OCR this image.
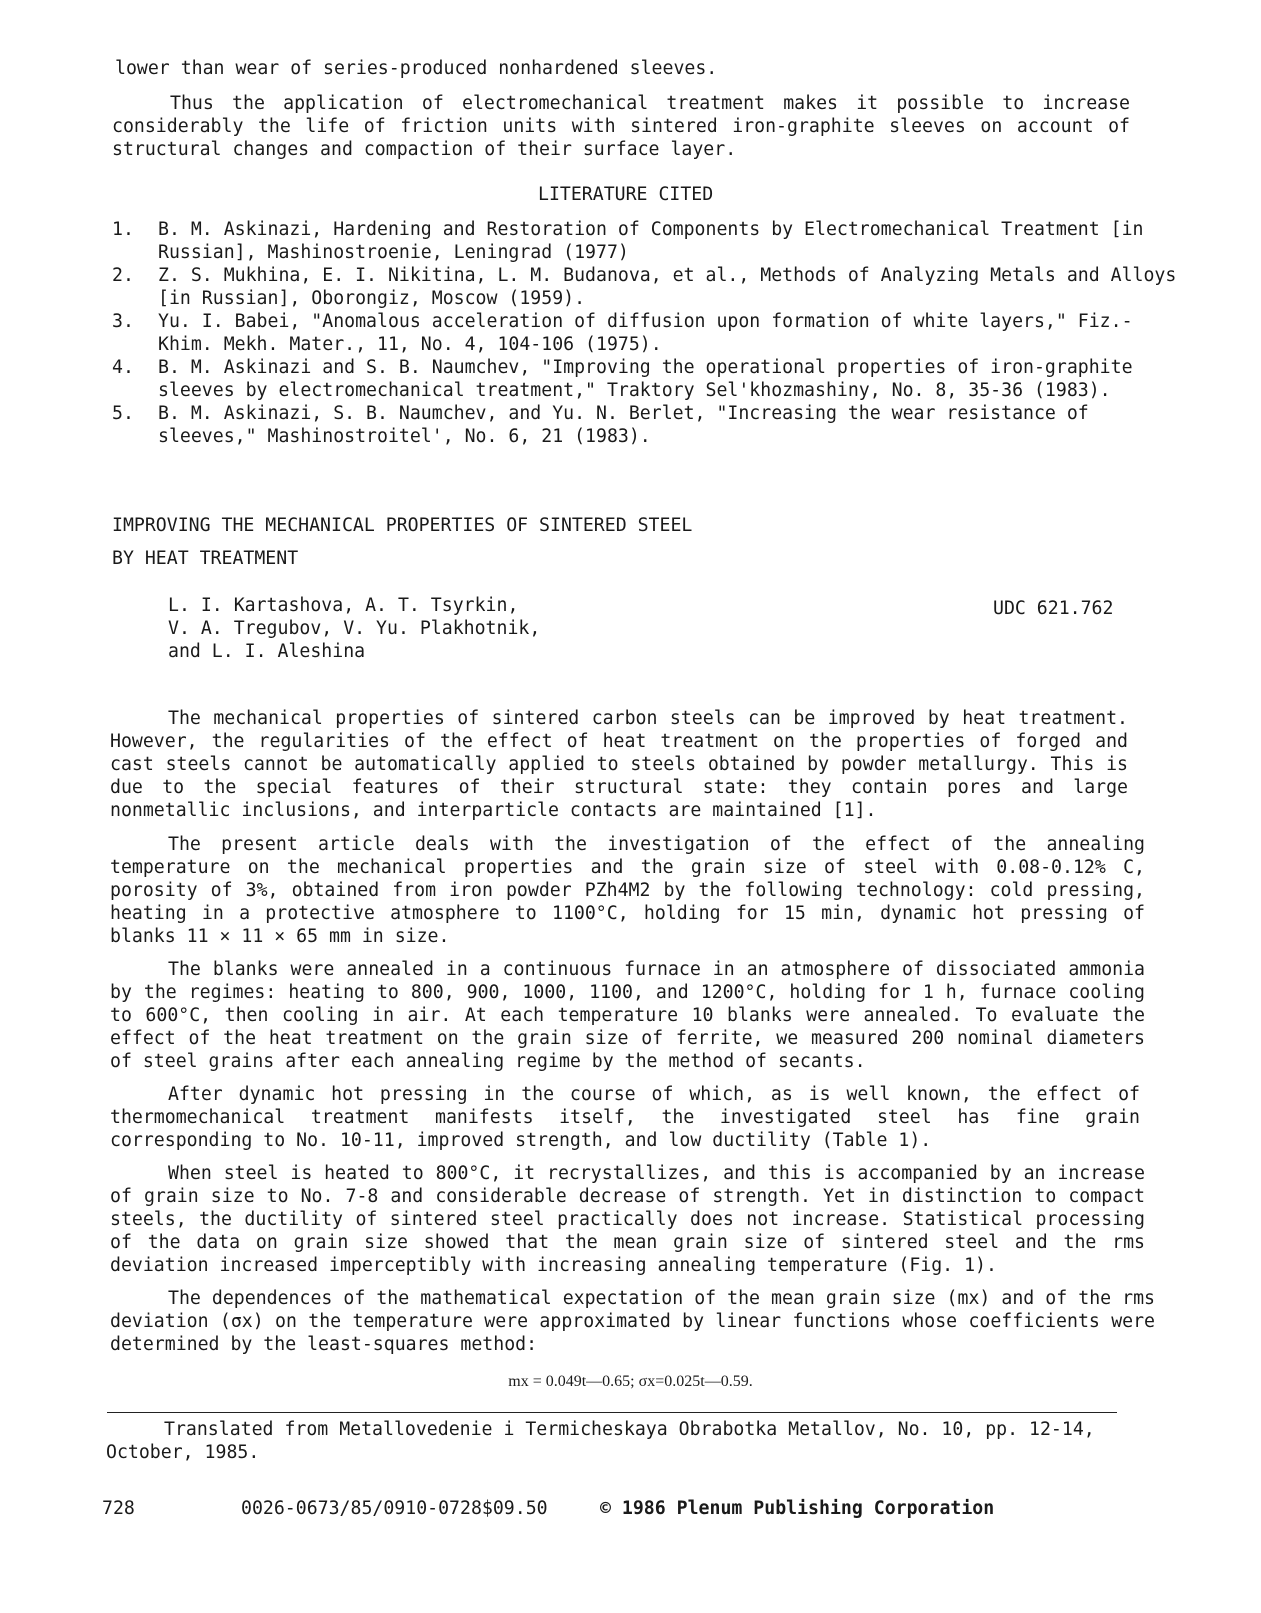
lower than wear of series-produced nonhardened sleeves.

Thus the application of electromechanical treatment makes it possible to increase considerably the life of friction units with sintered iron-graphite sleeves on account of structural changes and compaction of their surface layer.

LITERATURE CITED

1.	B. M. Askinazi, Hardening and Restoration of Components by Electromechanical Treatment [in Russian], Mashinostroenie, Leningrad (1977)
2.	Z. S. Mukhina, E. I. Nikitina, L. M. Budanova, et al., Methods of Analyzing Metals and Alloys [in Russian], Oborongiz, Moscow (1959).
3.	Yu. I. Babei, "Anomalous acceleration of diffusion upon formation of white layers," Fiz.-Khim. Mekh. Mater., 11, No. 4, 104-106 (1975).
4.	B. M. Askinazi and S. B. Naumchev, "Improving the operational properties of iron-graphite sleeves by electromechanical treatment," Traktory Sel'khozmashiny, No. 8, 35-36 (1983).
5.	B. M. Askinazi, S. B. Naumchev, and Yu. N. Berlet, "Increasing the wear resistance of sleeves," Mashinostroitel', No. 6, 21 (1983).

IMPROVING THE MECHANICAL PROPERTIES OF SINTERED STEEL

BY HEAT TREATMENT

L. I. Kartashova, A. T. Tsyrkin,

V. A. Tregubov, V. Yu. Plakhotnik,

and L. I. Aleshina

UDC 621.762

The mechanical properties of sintered carbon steels can be improved by heat treatment. However, the regularities of the effect of heat treatment on the properties of forged and cast steels cannot be automatically applied to steels obtained by powder metallurgy. This is due to the special features of their structural state: they contain pores and large nonmetallic inclusions, and interparticle contacts are maintained [1].

The present article deals with the investigation of the effect of the annealing temperature on the mechanical properties and the grain size of steel with 0.08-0.12% C, porosity of 3%, obtained from iron powder PZh4M2 by the following technology: cold pressing, heating in a protective atmosphere to 1100°C, holding for 15 min, dynamic hot pressing of blanks 11 × 11 × 65 mm in size.

The blanks were annealed in a continuous furnace in an atmosphere of dissociated ammonia by the regimes: heating to 800, 900, 1000, 1100, and 1200°C, holding for 1 h, furnace cooling to 600°C, then cooling in air. At each temperature 10 blanks were annealed. To evaluate the effect of the heat treatment on the grain size of ferrite, we measured 200 nominal diameters of steel grains after each annealing regime by the method of secants.

After dynamic hot pressing in the course of which, as is well known, the effect of thermomechanical treatment manifests itself, the investigated steel has fine grain corresponding to No. 10-11, improved strength, and low ductility (Table 1).

When steel is heated to 800°C, it recrystallizes, and this is accompanied by an increase of grain size to No. 7-8 and considerable decrease of strength. Yet in distinction to compact steels, the ductility of sintered steel practically does not increase. Statistical processing of the data on grain size showed that the mean grain size of sintered steel and the rms deviation increased imperceptibly with increasing annealing temperature (Fig. 1).

The dependences of the mathematical expectation of the mean grain size (mx) and of the rms deviation (σx) on the temperature were approximated by linear functions whose coefficients were determined by the least-squares method:

mx = 0.049t—0.65; σx=0.025t—0.59.

Translated from Metallovedenie i Termicheskaya Obrabotka Metallov, No. 10, pp. 12-14, October, 1985.

728	0026-0673/85/0910-0728$09.50	© 1986 Plenum Publishing Corporation
